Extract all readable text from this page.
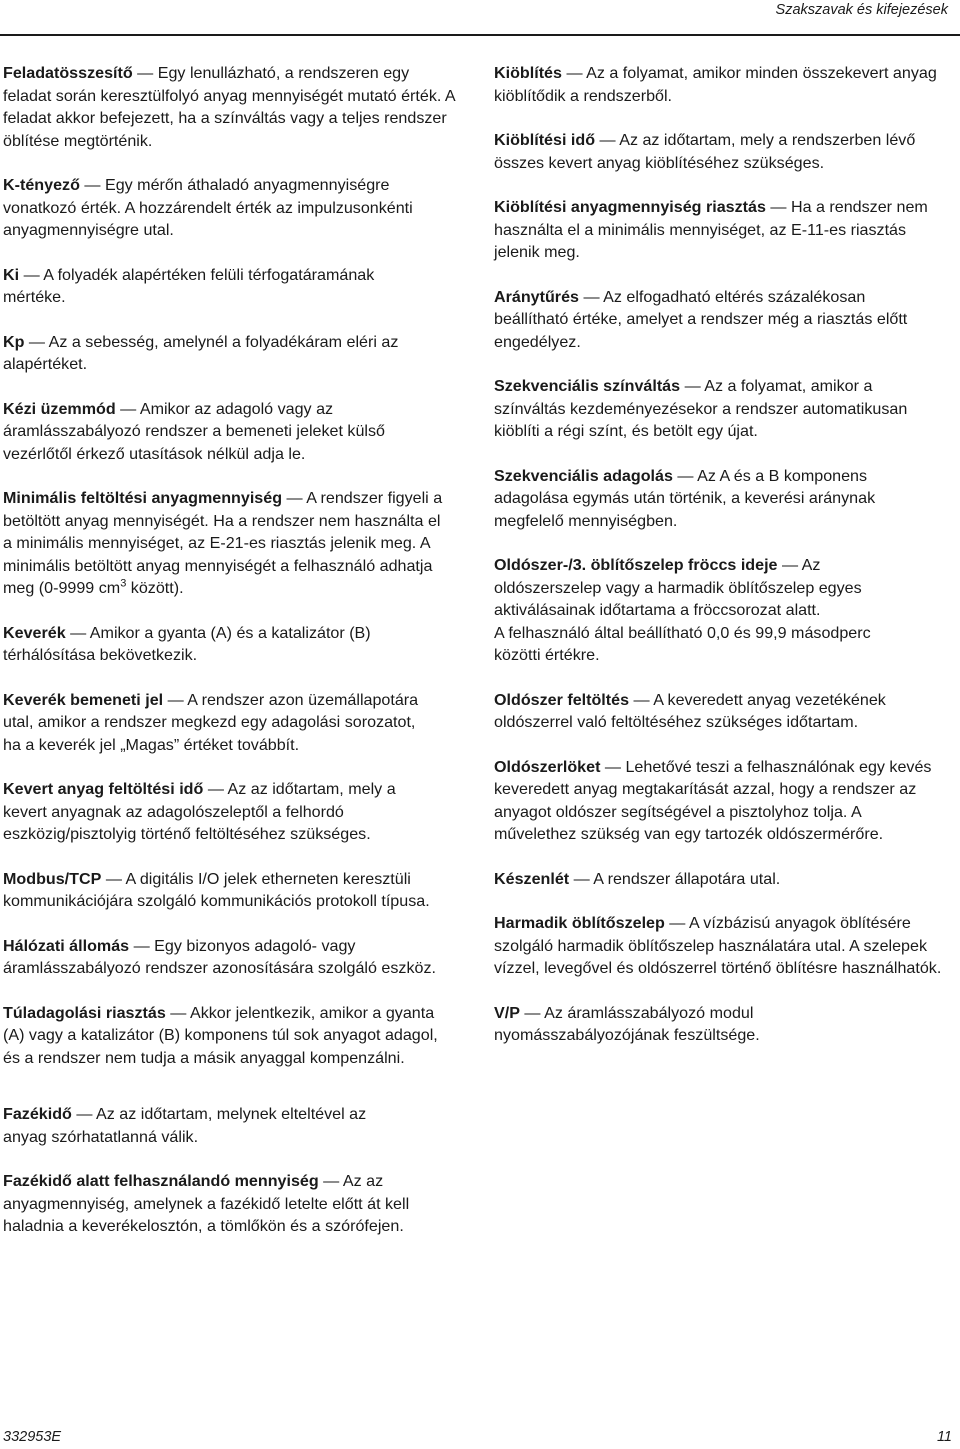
Szakszavak és kifejezések

Feladatösszesítő — Egy lenullázható, a rendszeren egy feladat során keresztülfolyó anyag mennyiségét mutató érték. A feladat akkor befejezett, ha a színváltás vagy a teljes rendszer öblítése megtörténik.

K-tényező — Egy mérőn áthaladó anyagmennyiségre vonatkozó érték. A hozzárendelt érték az impulzusonkénti anyagmennyiségre utal.

Ki — A folyadék alapértéken felüli térfogatáramának mértéke.

Kp — Az a sebesség, amelynél a folyadékáram eléri az alapértéket.

Kézi üzemmód — Amikor az adagoló vagy az áramlásszabályozó rendszer a bemeneti jeleket külső vezérlőtől érkező utasítások nélkül adja le.

Minimális feltöltési anyagmennyiség — A rendszer figyeli a betöltött anyag mennyiségét. Ha a rendszer nem használta el a minimális mennyiséget, az E-21-es riasztás jelenik meg. A minimális betöltött anyag mennyiségét a felhasználó adhatja meg (0-9999 $cm^3$ között).

Keverék — Amikor a gyanta (A) és a katalizátor (B) térhálósítása bekövetkezik.

Keverék bemeneti jel — A rendszer azon üzemállapotára utal, amikor a rendszer megkezd egy adagolási sorozatot, ha a keverék jel „Magas” értéket továbbít.

Kevert anyag feltöltési idő — Az az időtartam, mely a kevert anyagnak az adagolószeleptől a felhordó eszközig/pisztolyig történő feltöltéséhez szükséges.

Modbus/TCP — A digitális I/O jelek etherneten keresztüli kommunikációjára szolgáló kommunikációs protokoll típusa.

Hálózati állomás — Egy bizonyos adagoló- vagy áramlásszabályozó rendszer azonosítására szolgáló eszköz.

Túladagolási riasztás — Akkor jelentkezik, amikor a gyanta (A) vagy a katalizátor (B) komponens túl sok anyagot adagol, és a rendszer nem tudja a másik anyaggal kompenzálni.

Fazékidő — Az az időtartam, melynek elteltével az anyag szórhatatlanná válik.

Fazékidő alatt felhasználandó mennyiség — Az az anyagmennyiség, amelynek a fazékidő letelte előtt át kell haladnia a keverékelosztón, a tömlőkön és a szórófejen.

Kiöblítés — Az a folyamat, amikor minden összekevert anyag kiöblítődik a rendszerből.

Kiöblítési idő — Az az időtartam, mely a rendszerben lévő összes kevert anyag kiöblítéséhez szükséges.

Kiöblítési anyagmennyiség riasztás — Ha a rendszer nem használta el a minimális mennyiséget, az E-11-es riasztás jelenik meg.

Aránytűrés — Az elfogadható eltérés százalékosan beállítható értéke, amelyet a rendszer még a riasztás előtt engedélyez.

Szekvenciális színváltás — Az a folyamat, amikor a színváltás kezdeményezésekor a rendszer automatikusan kiöblíti a régi színt, és betölt egy újat.

Szekvenciális adagolás — Az A és a B komponens adagolása egymás után történik, a keverési aránynak megfelelő mennyiségben.

Oldószer-/3. öblítőszelep fröccs ideje — Az oldószerszelep vagy a harmadik öblítőszelep egyes aktiválásainak időtartama a fröccsorozat alatt.
A felhasználó által beállítható 0,0 és 99,9 másodperc közötti értékre.

Oldószer feltöltés — A keveredett anyag vezetékének oldószerrel való feltöltéséhez szükséges időtartam.

Oldószerlöket — Lehetővé teszi a felhasználónak egy kevés keveredett anyag megtakarítását azzal, hogy a rendszer az anyagot oldószer segítségével a pisztolyhoz tolja. A művelethez szükség van egy tartozék oldószermérőre.

Készenlét — A rendszer állapotára utal.

Harmadik öblítőszelep — A vízbázisú anyagok öblítésére szolgáló harmadik öblítőszelep használatára utal. A szelepek vízzel, levegővel és oldószerrel történő öblítésre használhatók.

V/P — Az áramlásszabályozó modul nyomásszabályozójának feszültsége.

332953E	11
